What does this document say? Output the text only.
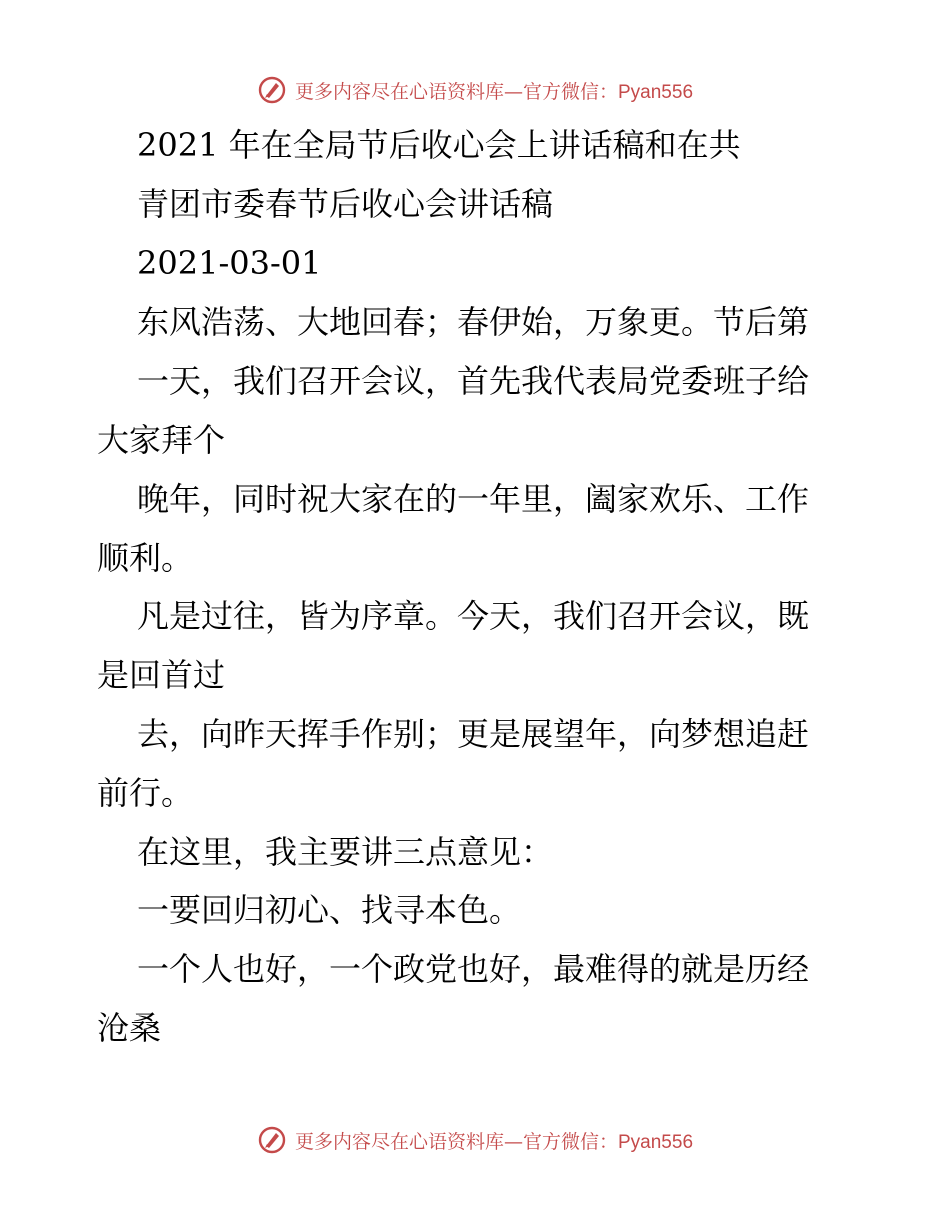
更多内容尽在心语资料库—官方微信：Pyan556
2021 年在全局节后收心会上讲话稿和在共
青团市委春节后收心会讲话稿
2021-03-01
东风浩荡、大地回春；春伊始，万象更。节后第
一天，我们召开会议，首先我代表局党委班子给
大家拜个
晚年，同时祝大家在的一年里，阖家欢乐、工作
顺利。
凡是过往，皆为序章。今天，我们召开会议，既
是回首过
去，向昨天挥手作别；更是展望年，向梦想追赶
前行。
在这里，我主要讲三点意见：
一要回归初心、找寻本色。
一个人也好，一个政党也好，最难得的就是历经
沧桑
更多内容尽在心语资料库—官方微信：Pyan556
